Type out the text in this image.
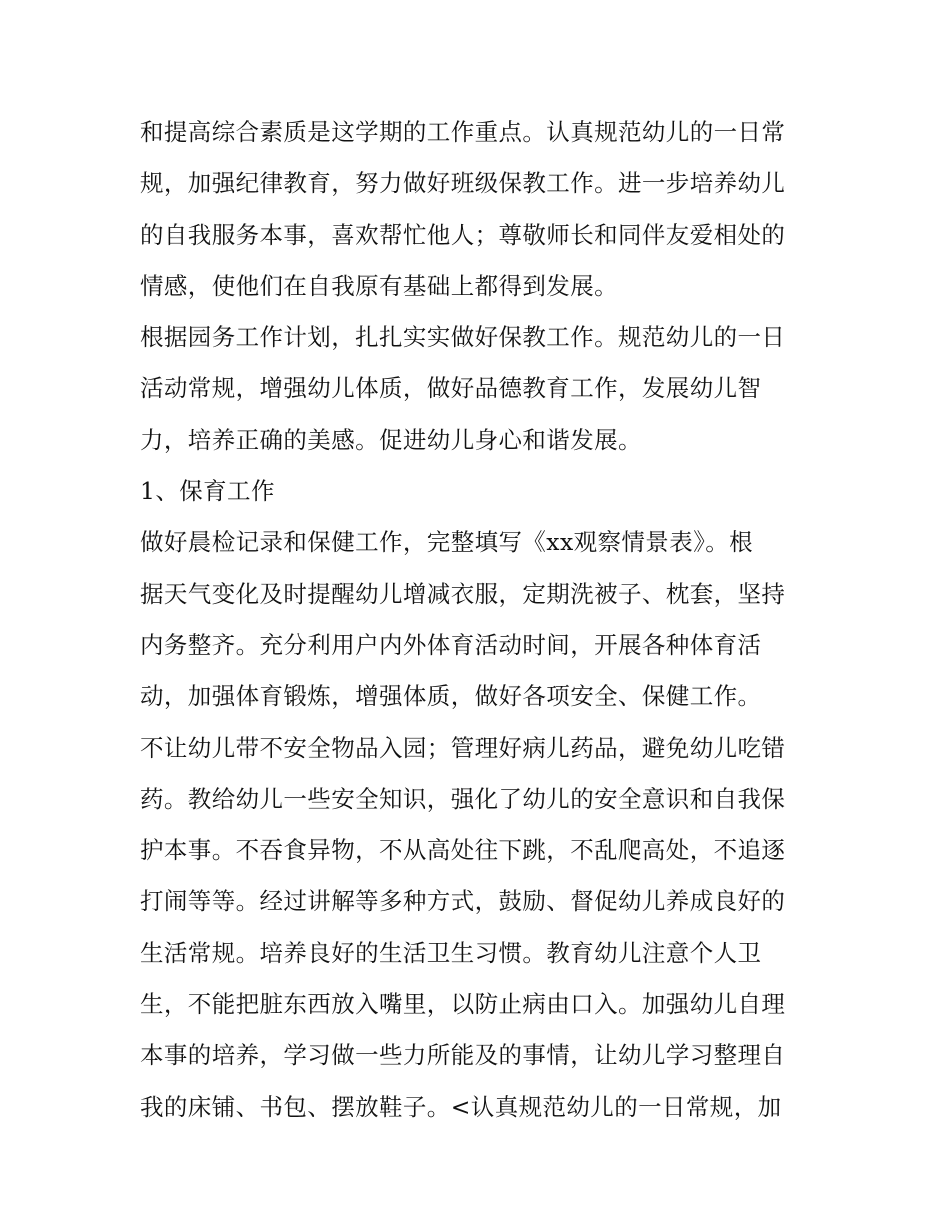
和提高综合素质是这学期的工作重点。认真规范幼儿的一日常
规，加强纪律教育，努力做好班级保教工作。进一步培养幼儿
的自我服务本事，喜欢帮忙他人；尊敬师长和同伴友爱相处的
情感，使他们在自我原有基础上都得到发展。
根据园务工作计划，扎扎实实做好保教工作。规范幼儿的一日
活动常规，增强幼儿体质，做好品德教育工作，发展幼儿智
力，培养正确的美感。促进幼儿身心和谐发展。
1、保育工作
做好晨检记录和保健工作，完整填写《xx观察情景表》。根
据天气变化及时提醒幼儿增减衣服，定期洗被子、枕套，坚持
内务整齐。充分利用户内外体育活动时间，开展各种体育活
动，加强体育锻炼，增强体质，做好各项安全、保健工作。
不让幼儿带不安全物品入园；管理好病儿药品，避免幼儿吃错
药。教给幼儿一些安全知识，强化了幼儿的安全意识和自我保
护本事。不吞食异物，不从高处往下跳，不乱爬高处，不追逐
打闹等等。经过讲解等多种方式，鼓励、督促幼儿养成良好的
生活常规。培养良好的生活卫生习惯。教育幼儿注意个人卫
生，不能把脏东西放入嘴里，以防止病由口入。加强幼儿自理
本事的培养，学习做一些力所能及的事情，让幼儿学习整理自
我的床铺、书包、摆放鞋子。<认真规范幼儿的一日常规，加
